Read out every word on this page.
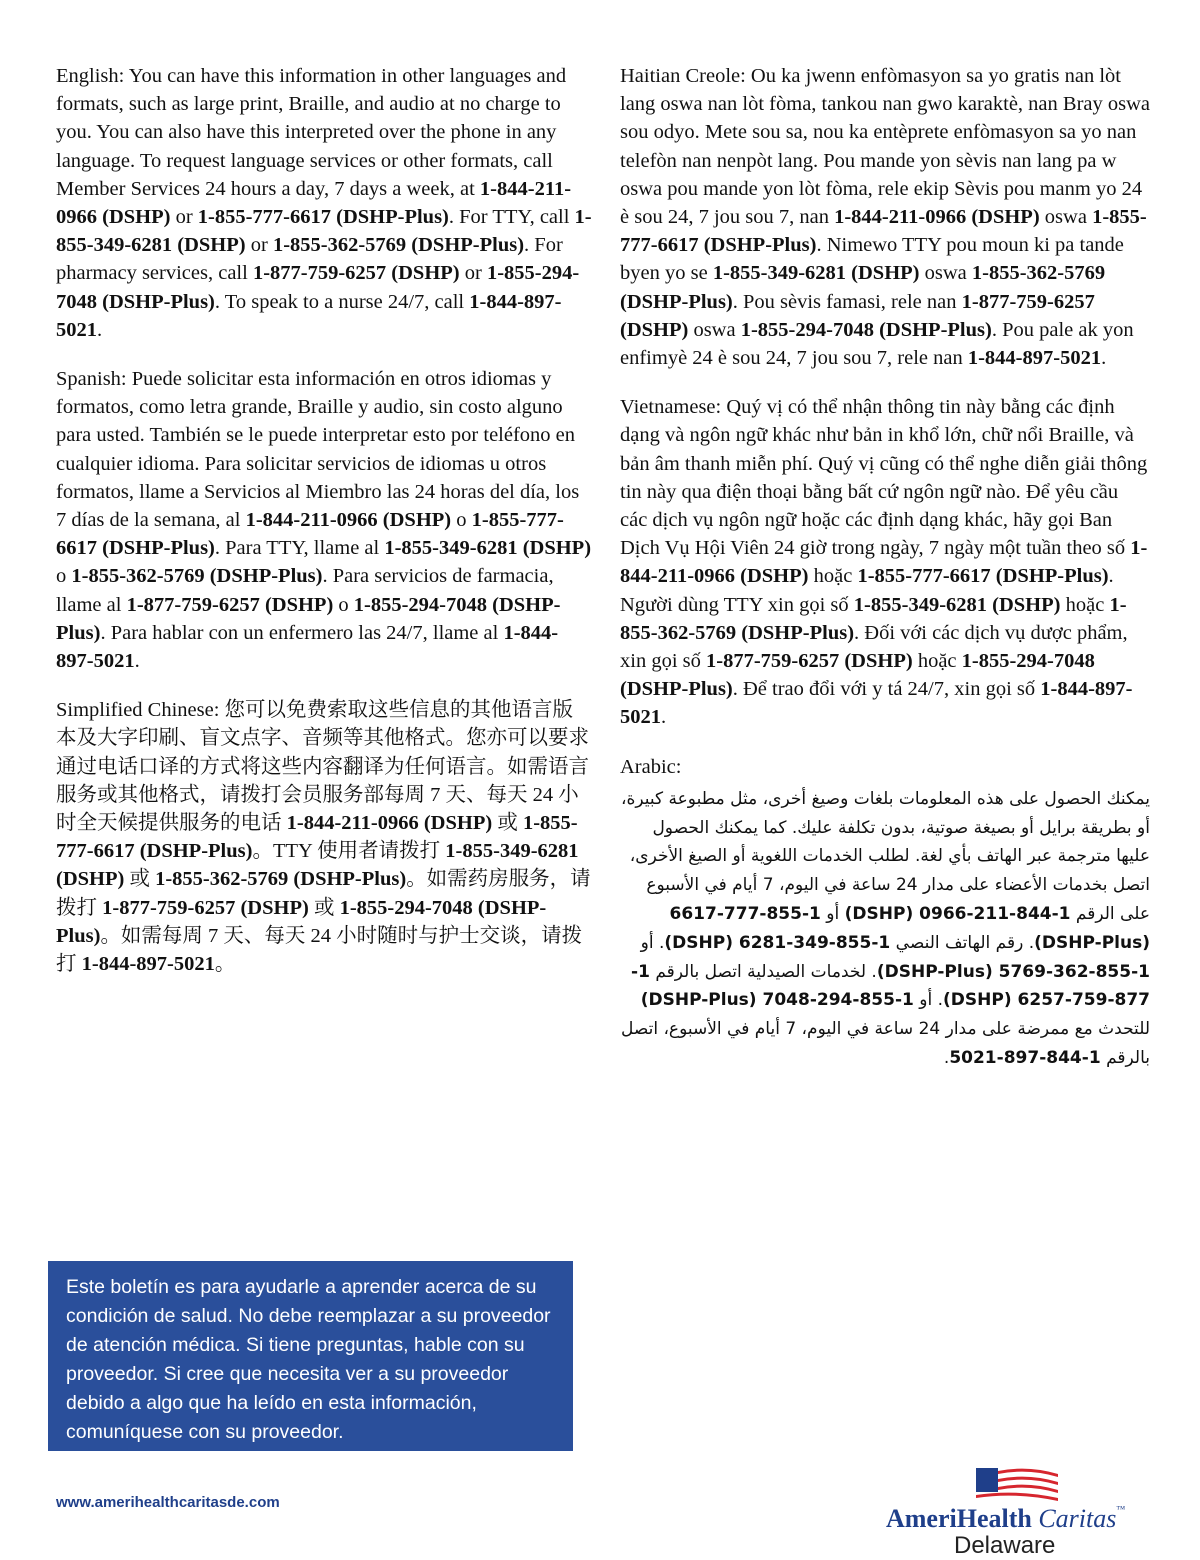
English: You can have this information in other languages and formats, such as large print, Braille, and audio at no charge to you. You can also have this interpreted over the phone in any language. To request language services or other formats, call Member Services 24 hours a day, 7 days a week, at 1-844-211-0966 (DSHP) or 1-855-777-6617 (DSHP-Plus). For TTY, call 1-855-349-6281 (DSHP) or 1-855-362-5769 (DSHP-Plus). For pharmacy services, call 1-877-759-6257 (DSHP) or 1-855-294-7048 (DSHP-Plus). To speak to a nurse 24/7, call 1-844-897-5021.

Spanish: Puede solicitar esta información en otros idiomas y formatos, como letra grande, Braille y audio, sin costo alguno para usted. También se le puede interpretar esto por teléfono en cualquier idioma. Para solicitar servicios de idiomas u otros formatos, llame a Servicios al Miembro las 24 horas del día, los 7 días de la semana, al 1-844-211-0966 (DSHP) o 1-855-777-6617 (DSHP-Plus). Para TTY, llame al 1-855-349-6281 (DSHP) o 1-855-362-5769 (DSHP-Plus). Para servicios de farmacia, llame al 1-877-759-6257 (DSHP) o 1-855-294-7048 (DSHP-Plus). Para hablar con un enfermero las 24/7, llame al 1-844-897-5021.

Simplified Chinese: 您可以免费索取这些信息的其他语言版本及大字印刷、盲文点字、音频等其他格式。您亦可以要求通过电话口译的方式将这些内容翻译为任何语言。如需语言服务或其他格式，请拨打会员服务部每周 7 天、每天 24 小时全天候提供服务的电话 1-844-211-0966 (DSHP) 或 1-855-777-6617 (DSHP-Plus)。TTY 使用者请拨打 1-855-349-6281 (DSHP) 或 1-855-362-5769 (DSHP-Plus)。如需药房服务，请拨打 1-877-759-6257 (DSHP) 或 1-855-294-7048 (DSHP-Plus)。如需每周 7 天、每天 24 小时随时与护士交谈，请拨打 1-844-897-5021。

Haitian Creole: Ou ka jwenn enfòmasyon sa yo gratis nan lòt lang oswa nan lòt fòma, tankou nan gwo karaktè, nan Bray oswa sou odyo. Mete sou sa, nou ka entèprete enfòmasyon sa yo nan telefòn nan nenpòt lang. Pou mande yon sèvis nan lang pa w oswa pou mande yon lòt fòma, rele ekip Sèvis pou manm yo 24 è sou 24, 7 jou sou 7, nan 1-844-211-0966 (DSHP) oswa 1-855-777-6617 (DSHP-Plus). Nimewo TTY pou moun ki pa tande byen yo se 1-855-349-6281 (DSHP) oswa 1-855-362-5769 (DSHP-Plus). Pou sèvis famasi, rele nan 1-877-759-6257 (DSHP) oswa 1-855-294-7048 (DSHP-Plus). Pou pale ak yon enfimyè 24 è sou 24, 7 jou sou 7, rele nan 1-844-897-5021.

Vietnamese: Quý vị có thể nhận thông tin này bằng các định dạng và ngôn ngữ khác như bản in khổ lớn, chữ nổi Braille, và bản âm thanh miễn phí. Quý vị cũng có thể nghe diễn giải thông tin này qua điện thoại bằng bất cứ ngôn ngữ nào. Để yêu cầu các dịch vụ ngôn ngữ hoặc các định dạng khác, hãy gọi Ban Dịch Vụ Hội Viên 24 giờ trong ngày, 7 ngày một tuần theo số 1-844-211-0966 (DSHP) hoặc 1-855-777-6617 (DSHP-Plus). Người dùng TTY xin gọi số 1-855-349-6281 (DSHP) hoặc 1-855-362-5769 (DSHP-Plus). Đối với các dịch vụ dược phẩm, xin gọi số 1-877-759-6257 (DSHP) hoặc 1-855-294-7048 (DSHP-Plus). Để trao đổi với y tá 24/7, xin gọi số 1-844-897-5021.

Arabic:

يمكنك الحصول على هذه المعلومات بلغات وصيغ أخرى، مثل مطبوعة كبيرة، أو بطريقة برايل أو بصيغة صوتية، بدون تكلفة عليك. كما يمكنك الحصول عليها مترجمة عبر الهاتف بأي لغة. لطلب الخدمات اللغوية أو الصيغ الأخرى، اتصل بخدمات الأعضاء على مدار 24 ساعة في اليوم، 7 أيام في الأسبوع على الرقم 1-844-211-0966 (DSHP) أو 1-855-777-6617 (DSHP-Plus). رقم الهاتف النصي 1-855-349-6281 (DSHP). أو 1-855-362-5769 (DSHP-Plus). لخدمات الصيدلية اتصل بالرقم 1-877-759-6257 (DSHP). أو 1-855-294-7048 (DSHP-Plus) للتحدث مع ممرضة على مدار 24 ساعة في اليوم، 7 أيام في الأسبوع، اتصل بالرقم 1-844-897-5021.

Este boletín es para ayudarle a aprender acerca de su condición de salud. No debe reemplazar a su proveedor de atención médica. Si tiene preguntas, hable con su proveedor. Si cree que necesita ver a su proveedor debido a algo que ha leído en esta información, comuníquese con su proveedor.
www.amerihealthcaritasde.com
AmeriHealth Caritas™
Delaware
